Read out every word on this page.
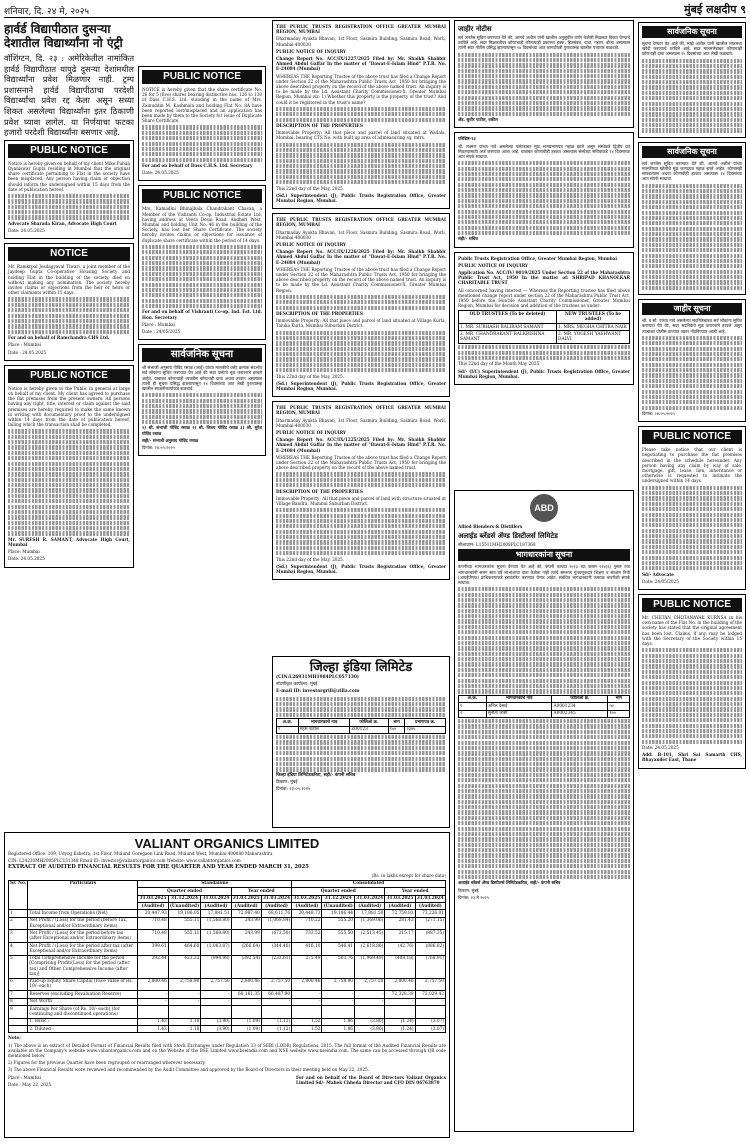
शनिवार, दि. २४ मे, २०२५	मुंबई लक्षदीप ९
हार्वर्ड विद्यापीठात दुसऱ्या देशातील विद्यार्थ्यांना नो एंट्री

वॉशिंग्टन, दि. २३ : अमेरिकेतील नामांकित हार्वर्ड विद्यापीठात यापुढे दुसऱ्या देशांमधील विद्यार्थ्यांना प्रवेश मिळणार नाही. ट्रम्प प्रशासनाने हार्वर्ड विद्यापीठाचा परदेशी विद्यार्थ्यांचा प्रवेश रद्द केला असून सध्या शिकत असलेल्या विद्यार्थ्यांना इतर ठिकाणी प्रवेश घ्यावा लागेल. या निर्णयाचा फटका हजारो परदेशी विद्यार्थ्यांना बसणार आहे.

PUBLIC NOTICE

Notice is hereby given on behalf of my client Mike Pubali Dyaniswar Gupta residing in Mumbai that the original share certificate pertaining to Flat in the society have been misplaced. Any person having claim or objection should inform the undersigned within 15 days from the date of publication hereof.

Advocate Sharada Kiran, Advocate High Court

Date: 24.05.2025

NOTICE

Mr. Ramkrpal Jesdagyaval Tiwari, a joint member of the Jaydeep Gupta Co-operative Housing Society and holding Flat in the building of the society, died on without making any nomination. The society hereby invites claims or objections from the heir or heirs or other claimants within 15 days.

For and on behalf of Ramchandra CHS Ltd.

Place : Mumbai

Date : 24.05.2025

PUBLIC NOTICE

Notice is hereby given to the Public in general at large on behalf of my client. My client has agreed to purchase the flat premises from the present owners. All persons having any right, title, interest or claim against the said premises are hereby required to make the same known in writing with documentary proof to the undersigned within 14 days from the date of publication hereof, failing which the transaction shall be completed.

Mr. SURESH R. SAMANT, Advocate High Court, Mumbai

Place: Mumbai

Date: 24.05.2025

PUBLIC NOTICE

NOTICE is hereby given that the share certificate No. 26 for 5 (five) shares bearing distinctive nos. 126 to 130 of Dass C.H.S. Ltd. standing in the name of Mrs. Zainuddin M. Kashmala and holding Flat No. 8A have been reported lost/misplaced and an application has been made by them to the Society for issue of Duplicate Share Certificate.

For and on behalf of Dass C.H.S. Ltd. Secretary

Date: 24.05.2025

PUBLIC NOTICE

Mrs. Kamadini Bhinajbala Chandrakant Chavan, a Member of the Vishranti Co-op. Industrial Estate Ltd, having address at Veera Desai Road, Andheri West, Mumbai and holding Unit No. 46 in the building of the Society, has lost her Share Certificate. The society hereby invites claims or objections for issuance of duplicate share certificate within the period of 14 days.

For and on behalf of Vishranti Co-op. Ind. Est. Ltd. Hon. Secretary

Place : Mumbai

Date : 24/05/2025

सार्वजनिक सूचना

श्री संभाजी अनुसाय गोविंद रसाळ (जाई) यांच्या मालकीचे फ्लॅट क्रमांक संदर्भात सर्व लोकांना सूचित करण्यात येत आहे की सदर फ्लॅटचे मूळ करारनामे हरवले आहेत. याबाबत कोणत्याही व्यक्तीस कोणताही दावा अथवा हरकत असल्यास त्यांनी ही सूचना प्रसिद्ध झाल्यापासून १४ दिवसांच्या आत लेखी पुराव्यासह खालील स्वाक्षरीकर्त्याकडे कळवावे.

१) श्री. संभाजी गोविंद रसाळ २) श्री. विजय गोविंद रसाळ ३) श्री. सुरेश गोविंद रसाळ

सही/- संभाजी अनुसाय गोविंद रसाळ

दिनांक: २४.०५.२०२५

THE PUBLIC TRUSTS REGISTRATION OFFICE GREATER MUMBAI REGION, MUMBAI

Dharmaday Ayukta Bhavan, 1st Floor, Sasmira Building, Sasmira Road, Worli, Mumbai-400030

PUBLIC NOTICE OF INQUIRY

Change Report No. ACC/IX/1227/2025 Filed by: Mr. Shaikh Shabbir Ahmed Abdul Gaffar In the matter of "Dawat-E-Islam Hind" P.T.R. No. E-24084 (Mumbai)

WHEREAS THE Reporting Trustee of the above trust has filed a Change Report under Section 22 of the Maharashtra Public Trusts Act, 1950 for bringing the above described property on the record of the above named trust. An inquiry is to be made by the Ld. Assistant Charity Commissioner-X, Greater Mumbai Region, Mumbai viz: 1) Whether this property is the property of the trust? And could it be registered in the trust's name?

DESCRIPTION OF THE PROPERTIES

Immovable Property: All that piece and parcel of land situated at Wadala, Mumbai, bearing CTS No. with built up area of admeasuring sq. mtrs.

This 22nd day of the May, 2025.

(Sd.) Superintendent (J), Public Trusts Registration Office, Greater Mumbai Region, Mumbai.

THE PUBLIC TRUSTS REGISTRATION OFFICE GREATER MUMBAI REGION, MUMBAI

Dharmaday Ayukta Bhavan, 1st Floor, Sasmira Building, Sasmira Road, Worli, Mumbai-400030

PUBLIC NOTICE OF INQUIRY

Change Report No. ACC/IX/1226/2025 Filed by: Mr. Shaikh Shabbir Ahmed Abdul Gaffar In the matter of "Dawat-E-Islam Hind" P.T.R. No. E-24084 (Mumbai)

WHEREAS THE Reporting Trustee of the above trust has filed a Change Report under Section 22 of the Maharashtra Public Trusts Act, 1950 for bringing the above described property on the record of the above named trust. An inquiry is to be made by the Ld. Assistant Charity Commissioner-X, Greater Mumbai Region.

DESCRIPTION OF THE PROPERTIES

Immovable Property: All that piece and parcel of land situated at Village Kurla, Taluka Kurla, Mumbai Suburban District.

This 22nd day of the May, 2025.

(Sd.) Superintendent (J), Public Trusts Registration Office, Greater Mumbai Region, Mumbai.

THE PUBLIC TRUSTS REGISTRATION OFFICE GREATER MUMBAI REGION, MUMBAI

Dharmaday Ayukta Bhavan, 1st Floor, Sasmira Building, Sasmira Road, Worli, Mumbai-400030

PUBLIC NOTICE OF INQUIRY

Change Report No. ACC/IX/1225/2025 Filed by: Mr. Shaikh Shabbir Ahmed Abdul Gaffar In the matter of "Dawat-E-Islam Hind" P.T.R. No. E-24084 (Mumbai)

WHEREAS THE Reporting Trustee of the above trust has filed a Change Report under Section 22 of the Maharashtra Public Trusts Act, 1950 for bringing the above described property on the record of the above named trust.

DESCRIPTION OF THE PROPERTIES

Immovable Property: All that piece and parcel of land with structure situated at Village Bandra, Mumbai Suburban District.

This 22nd day of the May, 2025.

(Sd.) Superintendent (J), Public Trusts Registration Office, Greater Mumbai Region, Mumbai.

जिल्हा इंडिया लिमिटेड

(CIN:L26931MH1984PLC057130)

नोंदणीकृत कार्यालय: मुंबई

E-mail ID: investorgrill@zilla.com

अ.क्र.	भागधारकाचे नाव	फोलिओ क्र.	भाग	प्रमाणपत्र क्र.
१	महेश पाटील	Z00123	१००	२३४५

जिल्हा इंडिया लिमिटेडकरिता, सही/- कंपनी सचिव

ठिकाण: मुंबई

दिनांक: २३.०५.२०२५

जाहीर नोटीस

सर्व जनतेस सूचित करण्यात येते की, आमचे अशील यांनी खालील अनुसूचीत वर्णन केलेली मिळकत विकत घेण्याचे ठरविले आहे. सदर मिळकतीवर कोणाचाही कोणत्याही प्रकारचा हक्क, हितसंबंध, दावा, गहाण, बोजा असल्यास त्यांनी सदर नोटीस प्रसिद्ध झाल्यापासून १४ दिवसांच्या आत कागदोपत्री पुराव्यासह खालील पत्त्यावर कळवावे.

ॲड. सुधीर पाटील, वकील

परिशिष्ट-१३

श्री. लक्ष्मण यांच्या नावे असलेल्या फ्लॅटबाबत मूळ भागप्रमाणपत्र गहाळ झाले असून संस्थेकडे द्वितीय प्रत मिळण्यासाठी अर्ज करण्यात आला आहे. याबाबत कोणाचीही हरकत असल्यास संस्थेच्या सचिवांकडे १४ दिवसांच्या आत संपर्क साधावा.

सही/- सचिव

Public Trusts Registration Office, Greater Mumbai Region, Mumbai

PUBLIC NOTICE OF INQUIRY

Application No. ACC/IV/ 0019/2025 Under Section 22 of the Maharashtra Public Trust Act, 1950 In the matter of: SHRIPAD KHANOLKAR CHARITABLE TRUST

All concerned having interest — Whereas the Reporting trustee has filed above mentioned change report under section 22 of the Maharashtra Public Trust Act, 1950 before the Hon'ble Assistant Charity Commissioner, Greater Mumbai Region, Mumbai for decision and addition of the trustees as under:

OLD TRUSTEES (To be deleted)	NEW TRUSTEES (To be added)
1. MR. SUBHASH BALIRAM SAMANT	1. MRS. MEGHA CHITRA NAIK
2. MR. CHANDRAKANT BALKRISHNA SAMANT	2. MR. YOGESH YASHWANT DALVI

This 22nd day of the Month May 2025

Sd/- (I/C) Superintendent (J), Public Trusts Registration Office, Greater Mumbai Region, Mumbai.

ABD

Allied Blenders & Distillers

अलाईड ब्लेंडर्स ॲण्ड डिस्टीलर्स लिमिटेड

सीआयएन: L15511MH2008PLC187368

भागधारकांना सूचना

कंपनीच्या भागधारकांना सूचना देण्यात येत आहे की, कंपनी कायदा २०१३ च्या कलम १२४(६) नुसार ज्या भागधारकांनी सलग सात वर्षे लाभांशाचा दावा केलेला नाही त्यांचे समभाग गुंतवणूकदार शिक्षण व संरक्षण निधी (आयईपीएफ) प्राधिकरणाकडे हस्तांतरित करण्यात येणार आहेत. संबंधित भागधारकांनी तत्काळ कंपनीशी संपर्क साधावा.

अ.क्र.	भागधारकाचे नाव	फोलिओ क्र.	भाग
१	अनिल देसाई	A0001234	५०
२	सुनीता जोशी	A0002345	१००

अलाईड ब्लेंडर्स ॲण्ड डिस्टीलर्स लिमिटेडकरिता, सही/- कंपनी सचिव

ठिकाण: मुंबई

दिनांक: २३ मे २०२५

सार्वजनिक सूचना

सूचना देण्यात येत आहे की, माझे अशील यांनी खालील मालमत्ता खरेदी करण्याचे ठरविले आहे. सदर मालमत्तेबाबत कोणाचाही कोणताही दावा असल्यास १५ दिवसांच्या आत लेखी कळवावे.

सार्वजनिक सूचना

सर्व जनतेस सूचित करण्यात येते की, आमचे अशील यांच्या मालकीच्या खोलीचे मूळ कागदपत्र गहाळ झाले आहेत. कोणासही सापडल्यास अथवा कोणाचीही हरकत असल्यास १४ दिवसांच्या आत संपर्क साधावा.

जाहीर सूचना

श्री. व सौ. यांच्या नावे असलेल्या सदनिकेबाबत सर्व लोकांना सूचित करण्यात येते की, सदर सदनिकेचे मूळ करारनामे हरवले असून त्याबाबत पोलीस ठाण्यात तक्रार नोंदविण्यात आली आहे.

दिनांक: २४.०५.२०२५

PUBLIC NOTICE

Please take notice that our client is negotiating to purchase the flat premises described in the schedule hereunder. Any person having any claim by way of sale, mortgage, gift, lease, lien, inheritance or otherwise is requested to intimate the undersigned within 14 days.

Sd/- Advocate

Date: 24/05/2025

PUBLIC NOTICE

Mr. CHETAN CHOTANAYAK KURNSA in his own name of the Flat No. in the building of the society has stated that the original agreement has been lost. Claims, if any, may be lodged with the Secretary of the Society within 15 days.

Date: 24.05.2025

Add: B-101, Shri Sai Samarth CHS, Bhayander East, Thane

VALIANT ORGANICS LIMITED

Registered Office: 109, Udyog Kshetra, 1st Floor, Mulund Goregaon Link Road, Mulund West, Mumbai-400080 Maharashtra

CIN: L24230MH2005PLC151348 Email ID: investor@valiantorganics.com Website: www.valiantorganics.com

EXTRACT OF AUDITED FINANCIAL RESULTS FOR THE QUARTER AND YEAR ENDED MARCH 31, 2025

(Rs. in lakhs except for share data)

Sr. No.	Particulars	Standalone					Consolidated				
		Quarter ended			Year ended		Quarter ended			Year ended	
		31.03.2025	31.12.2024	31.03.2024	31.03.2025	31.03.2024	31.03.2025	31.12.2024	31.03.2024	31.03.2025	31.03.2024
		(Audited)	(Unaudited)	(Audited)	(Audited)	(Audited)	(Audited)	(Unaudited)	(Audited)	(Audited)	(Audited)
1	Total Income from Operations (Net)	20,447.93	19,186.05	17,881.51	72,987.40	68,611.76	20,448.73	19,186.44	17,881.50	72,759.83	73,226.01
2	Net Profit / (Loss) for the period (before Tax, Exceptional and/or Extraordinary items)	710.48	555.11	(1,568.80)	243.99	(1,069.84)	710.22	555.20	(1,369.06)	281.43	(271.15)
3	Net Profit / (Loss) for the period before tax (after Exceptional and/or Extraordinary items)	710.48	555.11	(1,568.80)	243.99	(673.50)	733.52	555.50	(2,513.45)	215.17	(887.35)
4	Net Profit / (Loss) for the period after tax (after Exceptional and/or Extraordinary items)	399.61	464.60	(1,063.87)	(266.64)	(344.40)	416.10	546.41	(2,618.86)	(42.76)	(886.82)
5	Total Comprehensive Income for the period [Comprising Profit/(Loss) for the period (after tax) and Other Comprehensive Income (after tax)]	392.44	423.33	(994.98)	(392.54)	(233.61)	275.49	503.76	(1,969.49)	(408.18)	(768.91)
6	Paid-up Equity Share Capital (Face Value of Rs. 10/- each)	2,800.46	2,758.90	2,757.50	2,800.46	2,757.50	2,800.46	2,758.90	2,757.50	2,800.46	2,757.50
7	Reserves (excluding Revaluation Reserve)	-	-	-	68,161.35	66,487.90	-	-	-	72,328.39	72,029.42
8	Net Worth	-	-	-	-	-	-	-	-	-	-
9	Earnings Per Share (of Rs. 10/- each) (for continuing and discontinued operations)										
	1. Basic :	1.43	1.18	(3.90)	(1.09)	(1.12)	1.52	1.86	(3.80)	(1.24)	(3.07)
	2. Diluted :	1.43	1.18	(3.90)	(1.09)	(1.12)	1.52	1.86	(3.80)	(1.24)	(3.07)

Note:

1) The above is an extract of Detailed Format of Financial Results filed with Stock Exchanges under Regulation 33 of SEBI (LODR) Regulations, 2015. The full format of the Audited Financial Results are available on the Company's website www.valiantorganics.com and on the Website of the BSE Limited www.bseindia.com and NSE website www.nseindia.com. The same can be accessed through QR code mentioned below.

2) Figures for the previous Quarter have been regrouped or rearranged wherever necessary.

3) The above Financial Results were reviewed and recommended by the Audit Committee and approved by the Board of Directors in their meeting held on May 22, 2025.

Place : Mumbai

Date : May 22, 2025

For and on behalf of the Board of Directors Valiant Organics Limited Sd/- Mahek Chheda Director and CFO DIN 06763870
